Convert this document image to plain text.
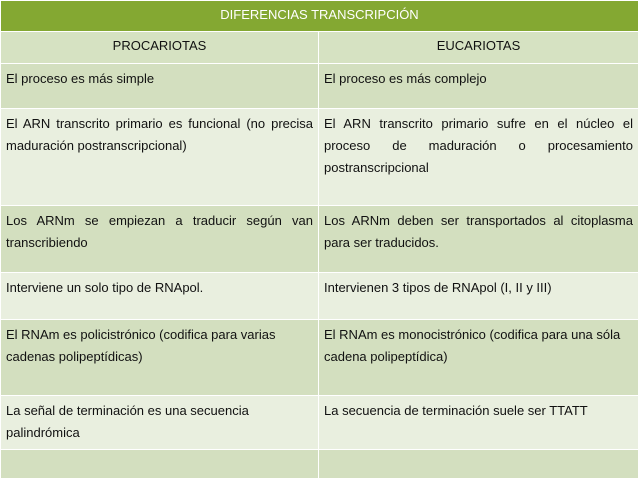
DIFERENCIAS TRANSCRIPCIÓN	
PROCARIOTAS	EUCARIOTAS
El proceso es más simple	El proceso es más complejo
El ARN transcrito primario es funcional (no precisa maduración postranscripcional)	El ARN transcrito primario sufre en el núcleo el proceso de maduración o procesamiento postranscripcional
Los ARNm se empiezan a traducir según van transcribiendo	Los ARNm deben ser transportados al citoplasma para ser traducidos.
Interviene un solo tipo de RNApol.	Intervienen 3 tipos de RNApol (I, II y III)
El RNAm es policistrónico (codifica para varias cadenas polipeptídicas)	El RNAm es monocistrónico (codifica para una sóla cadena polipeptídica)
La señal de terminación es una secuencia palindrómica	La secuencia de terminación suele ser TTATT
